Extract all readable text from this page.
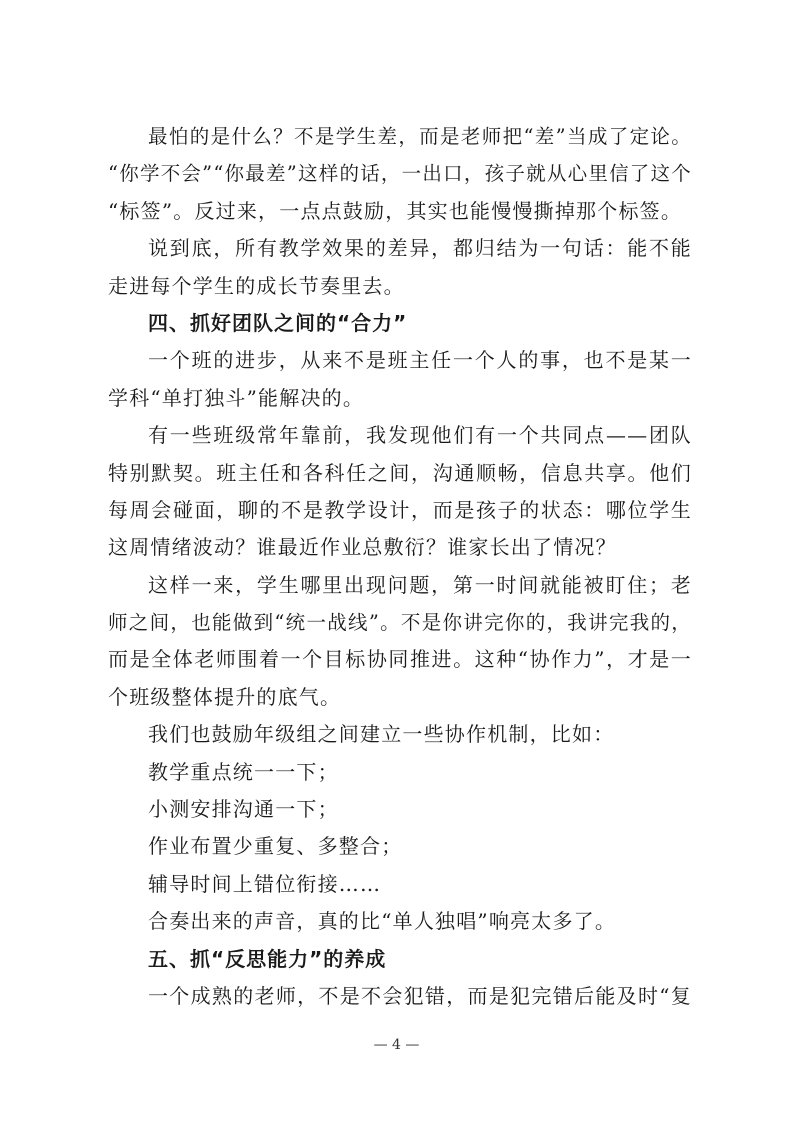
最怕的是什么？不是学生差，而是老师把“差”当成了定论。
“你学不会”“你最差”这样的话，一出口，孩子就从心里信了这个
“标签”。反过来，一点点鼓励，其实也能慢慢撕掉那个标签。
说到底，所有教学效果的差异，都归结为一句话：能不能
走进每个学生的成长节奏里去。
四、抓好团队之间的“合力”
一个班的进步，从来不是班主任一个人的事，也不是某一
学科“单打独斗”能解决的。
有一些班级常年靠前，我发现他们有一个共同点——团队
特别默契。班主任和各科任之间，沟通顺畅，信息共享。他们
每周会碰面，聊的不是教学设计，而是孩子的状态：哪位学生
这周情绪波动？谁最近作业总敷衍？谁家长出了情况？
这样一来，学生哪里出现问题，第一时间就能被盯住；老
师之间，也能做到“统一战线”。不是你讲完你的，我讲完我的，
而是全体老师围着一个目标协同推进。这种“协作力”，才是一
个班级整体提升的底气。
我们也鼓励年级组之间建立一些协作机制，比如：
教学重点统一一下；
小测安排沟通一下；
作业布置少重复、多整合；
辅导时间上错位衔接……
合奏出来的声音，真的比“单人独唱”响亮太多了。
五、抓“反思能力”的养成
一个成熟的老师，不是不会犯错，而是犯完错后能及时“复
— 4 —
